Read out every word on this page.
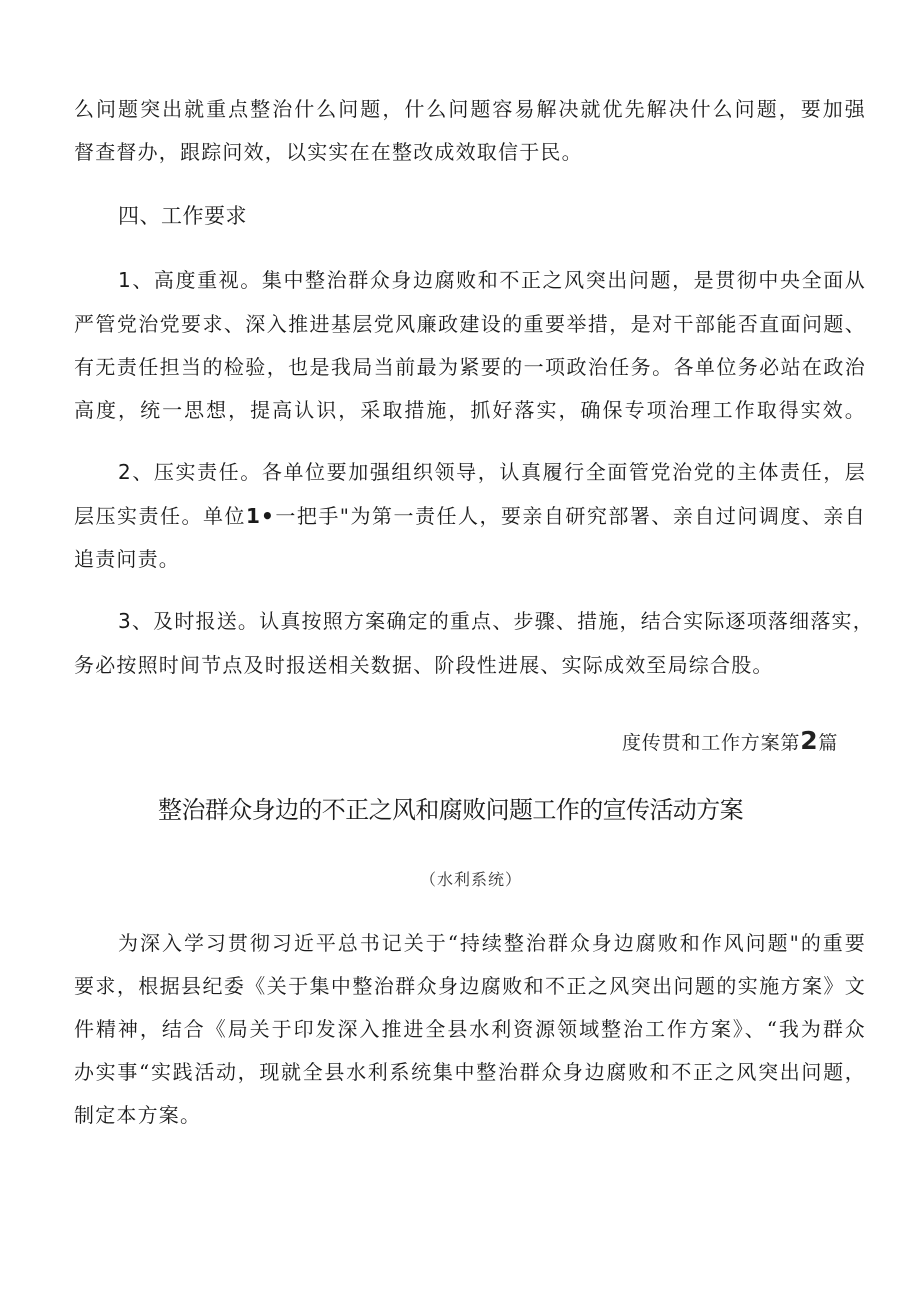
么问题突出就重点整治什么问题，什么问题容易解决就优先解决什么问题，要加强
督查督办，跟踪问效，以实实在在整改成效取信于民。
四、工作要求
1、高度重视。集中整治群众身边腐败和不正之风突出问题，是贯彻中央全面从
严管党治党要求、深入推进基层党风廉政建设的重要举措，是对干部能否直面问题、
有无责任担当的检验，也是我局当前最为紧要的一项政治任务。各单位务必站在政治
高度，统一思想，提高认识，采取措施，抓好落实，确保专项治理工作取得实效。
2、压实责任。各单位要加强组织领导，认真履行全面管党治党的主体责任，层
层压实责任。单位1•一把手"为第一责任人，要亲自研究部署、亲自过问调度、亲自
追责问责。
3、及时报送。认真按照方案确定的重点、步骤、措施，结合实际逐项落细落实，
务必按照时间节点及时报送相关数据、阶段性进展、实际成效至局综合股。
度传贯和工作方案第2篇
整治群众身边的不正之风和腐败问题工作的宣传活动方案
（水利系统）
为深入学习贯彻习近平总书记关于“持续整治群众身边腐败和作风问题"的重要
要求，根据县纪委《关于集中整治群众身边腐败和不正之风突出问题的实施方案》文
件精神，结合《局关于印发深入推进全县水利资源领域整治工作方案》、“我为群众
办实事“实践活动，现就全县水利系统集中整治群众身边腐败和不正之风突出问题，
制定本方案。
